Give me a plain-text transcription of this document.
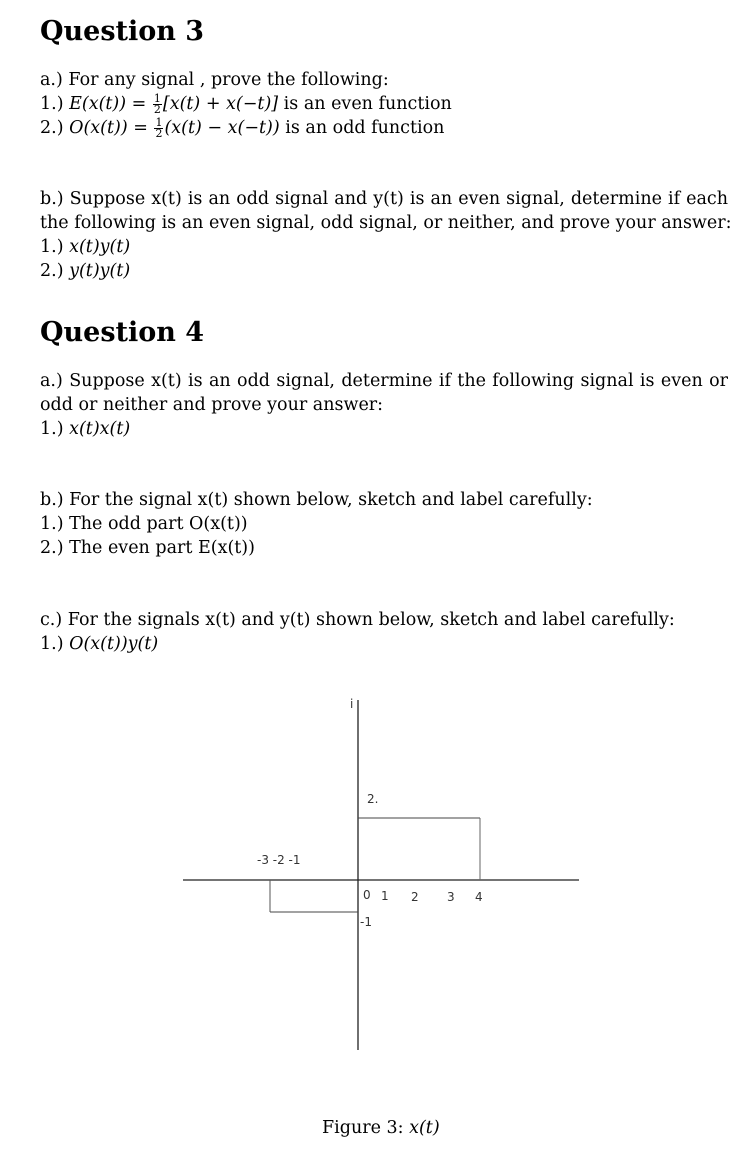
Question 3
a.) For any signal , prove the following:
1.) $E(x(t)) = \frac{1}{2} [x(t) + x(-t)]$ is an even function
2.) $O(x(t)) = \frac{1}{2} (x(t) - x(-t))$ is an odd function
b.) Suppose x(t) is an odd signal and y(t) is an even signal, determine if each
the following is an even signal, odd signal, or neither, and prove your answer:
1.) x(t)y(t)
2.) y(t)y(t)
Question 4
a.) Suppose x(t) is an odd signal, determine if the following signal is even or
odd or neither and prove your answer:
1.) x(t)x(t)
b.) For the signal x(t) shown below, sketch and label carefully:
1.) The odd part O(x(t))
2.) The even part E(x(t))
c.) For the signals x(t) and y(t) shown below, sketch and label carefully:
1.) O(x(t))y(t)
i
2.
-3 -2 -1
0 1 2 3 4
-1
Figure 3: x(t)
